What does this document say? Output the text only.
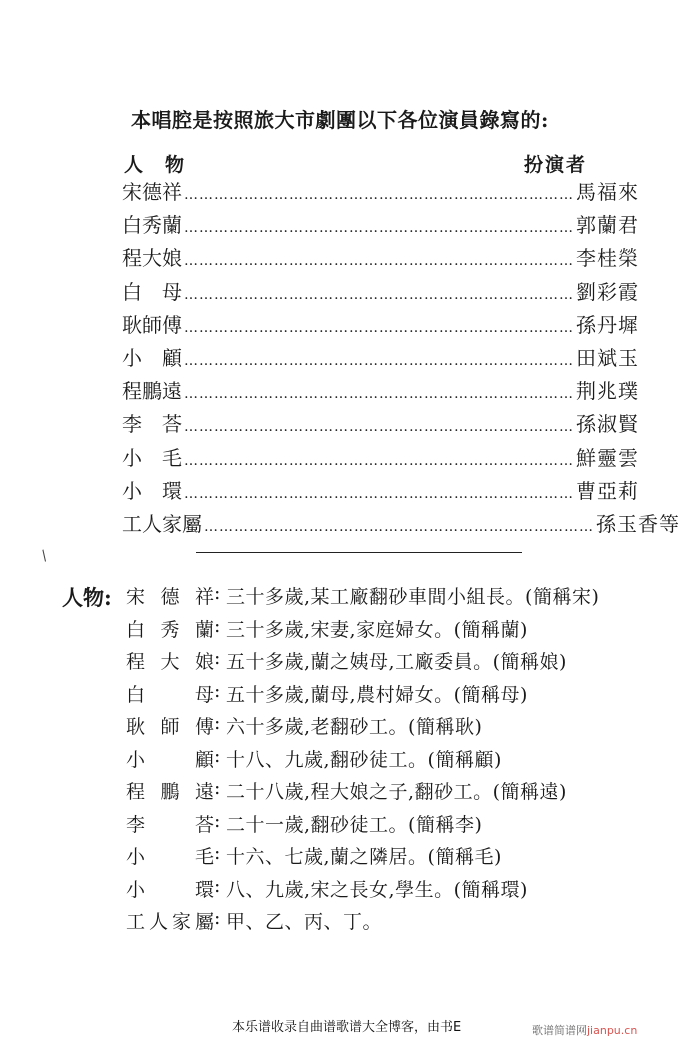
本唱腔是按照旅大市劇團以下各位演員錄寫的:
人物	扮演者
宋德祥 …………………………………………………………………… 馬福來
白秀蘭 …………………………………………………………………… 郭蘭君
程大娘 …………………………………………………………………… 李桂榮
白　母 …………………………………………………………………… 劉彩霞
耿師傅 …………………………………………………………………… 孫丹墀
小　顧 …………………………………………………………………… 田斌玉
程鵬遠 …………………………………………………………………… 荆兆璞
李　荅 …………………………………………………………………… 孫淑賢
小　毛 …………………………………………………………………… 鮮靈雲
小　環 …………………………………………………………………… 曹亞莉
工人家屬 …………………………………………………………………… 孫玉香等
/
人物: 宋德祥 : 三十多歲,某工廠翻砂車間小組長。(簡稱宋)
白秀蘭 : 三十多歲,宋妻,家庭婦女。(簡稱蘭)
程大娘 : 五十多歲,蘭之姨母,工廠委員。(簡稱娘)
白　母 : 五十多歲,蘭母,農村婦女。(簡稱母)
耿師傅 : 六十多歲,老翻砂工。(簡稱耿)
小　顧 : 十八、九歲,翻砂徒工。(簡稱顧)
程鵬遠 : 二十八歲,程大娘之子,翻砂工。(簡稱遠)
李　荅 : 二十一歲,翻砂徒工。(簡稱李)
小　毛 : 十六、七歲,蘭之隣居。(簡稱毛)
小　環 : 八、九歲,宋之長女,學生。(簡稱環)
工人家屬 : 甲、乙、丙、丁。
本乐谱收录自曲谱歌谱大全博客，由书E	歌谱简谱网jianpu.cn
